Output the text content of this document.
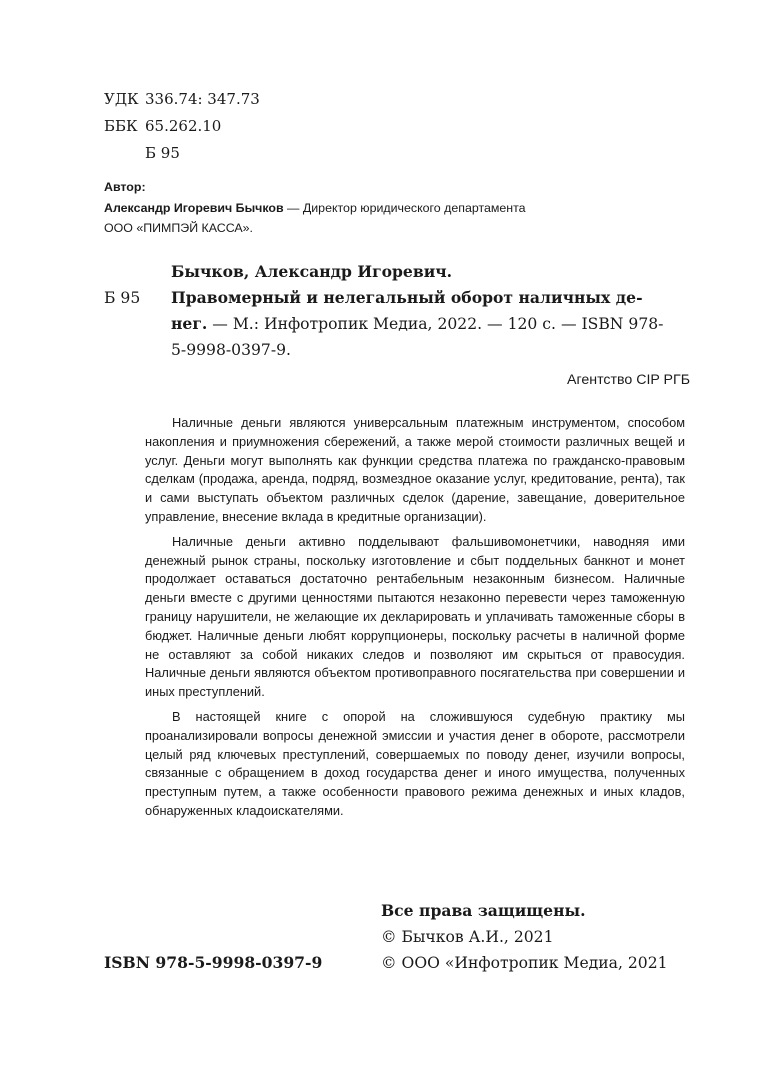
УДК 336.74: 347.73
ББК 65.262.10
Б 95
Автор:
Александр Игоревич Бычков — Директор юридического департамента
ООО «ПИМПЭЙ КАССА».
Бычков, Александр Игоревич.
Б 95 Правомерный и нелегальный оборот наличных де-
нег. — М.: Инфотропик Медиа, 2022. — 120 с. — ISBN 978-
5-9998-0397-9.
Агентство CIP РГБ

Наличные деньги являются универсальным платежным инструментом, способом накопления и приумножения сбережений, а также мерой стоимости различных вещей и услуг. Деньги могут выполнять как функции средства платежа по гражданско-правовым сделкам (продажа, аренда, подряд, возмездное оказание услуг, кредитование, рента), так и сами выступать объектом различных сделок (дарение, завещание, доверительное управление, внесение вклада в кредитные организации).

Наличные деньги активно подделывают фальшивомонетчики, наводняя ими денежный рынок страны, поскольку изготовление и сбыт поддельных банкнот и монет продолжает оставаться достаточно рентабельным незаконным бизнесом. Наличные деньги вместе с другими ценностями пытаются незаконно перевести через таможенную границу нарушители, не желающие их декларировать и уплачивать таможенные сборы в бюджет. Наличные деньги любят коррупционеры, поскольку расчеты в наличной форме не оставляют за собой никаких следов и позволяют им скрыться от правосудия. Наличные деньги являются объектом противоправного посягательства при совершении и иных преступлений.

В настоящей книге с опорой на сложившуюся судебную практику мы проанализировали вопросы денежной эмиссии и участия денег в обороте, рассмотрели целый ряд ключевых преступлений, совершаемых по поводу денег, изучили вопросы, связанные с обращением в доход государства денег и иного имущества, полученных преступным путем, а также особенности правового режима денежных и иных кладов, обнаруженных кладоискателями.

ISBN 978-5-9998-0397-9
Все права защищены.
© Бычков А.И., 2021
© ООО «Инфотропик Медиа, 2021
